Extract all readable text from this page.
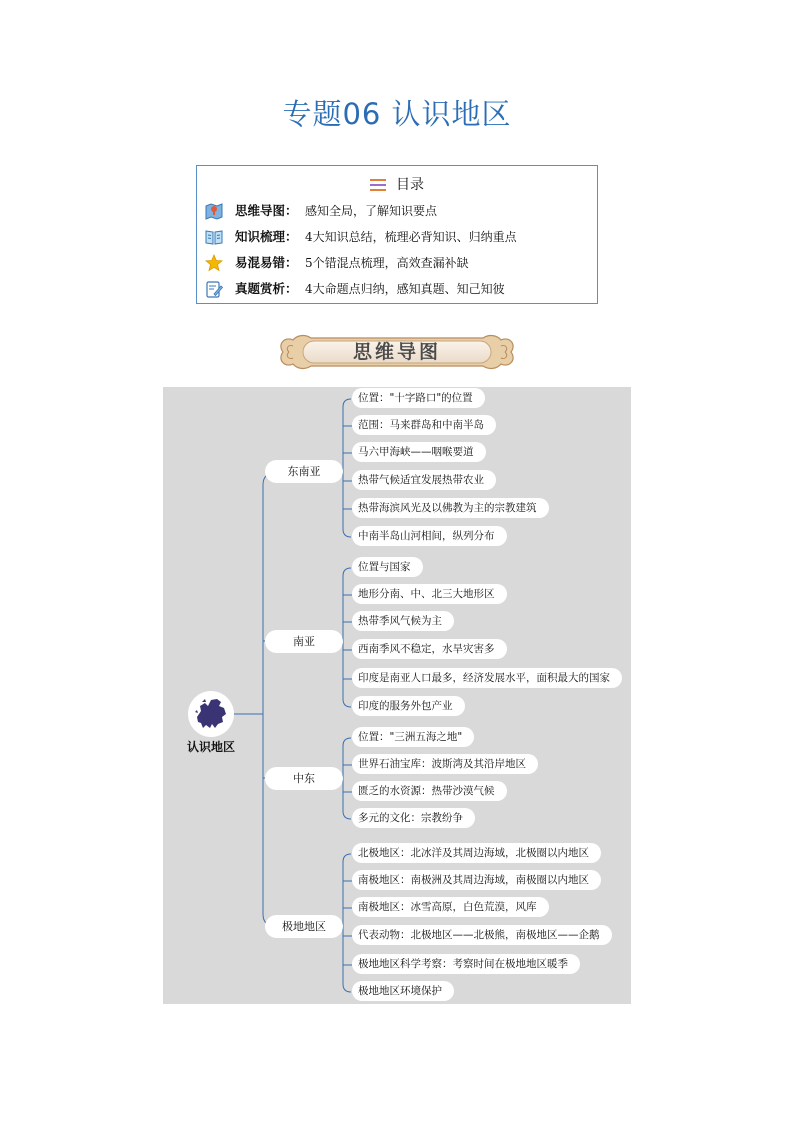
专题06 认识地区
目录
思维导图： 感知全局，了解知识要点
知识梳理： 4大知识总结，梳理必背知识、归纳重点
易混易错： 5个错混点梳理，高效查漏补缺
真题赏析： 4大命题点归纳，感知真题、知己知彼
思维导图
认识地区
东南亚
南亚
中东
极地地区
位置："十字路口"的位置
范围：马来群岛和中南半岛
马六甲海峡——咽喉要道
热带气候适宜发展热带农业
热带海滨风光及以佛教为主的宗教建筑
中南半岛山河相间，纵列分布
位置与国家
地形分南、中、北三大地形区
热带季风气候为主
西南季风不稳定，水旱灾害多
印度是南亚人口最多，经济发展水平，面积最大的国家
印度的服务外包产业
位置："三洲五海之地"
世界石油宝库：波斯湾及其沿岸地区
匮乏的水资源：热带沙漠气候
多元的文化：宗教纷争
北极地区：北冰洋及其周边海域，北极圈以内地区
南极地区：南极洲及其周边海域，南极圈以内地区
南极地区：冰雪高原，白色荒漠，风库
代表动物：北极地区——北极熊，南极地区——企鹅
极地地区科学考察：考察时间在极地地区暖季
极地地区环境保护
